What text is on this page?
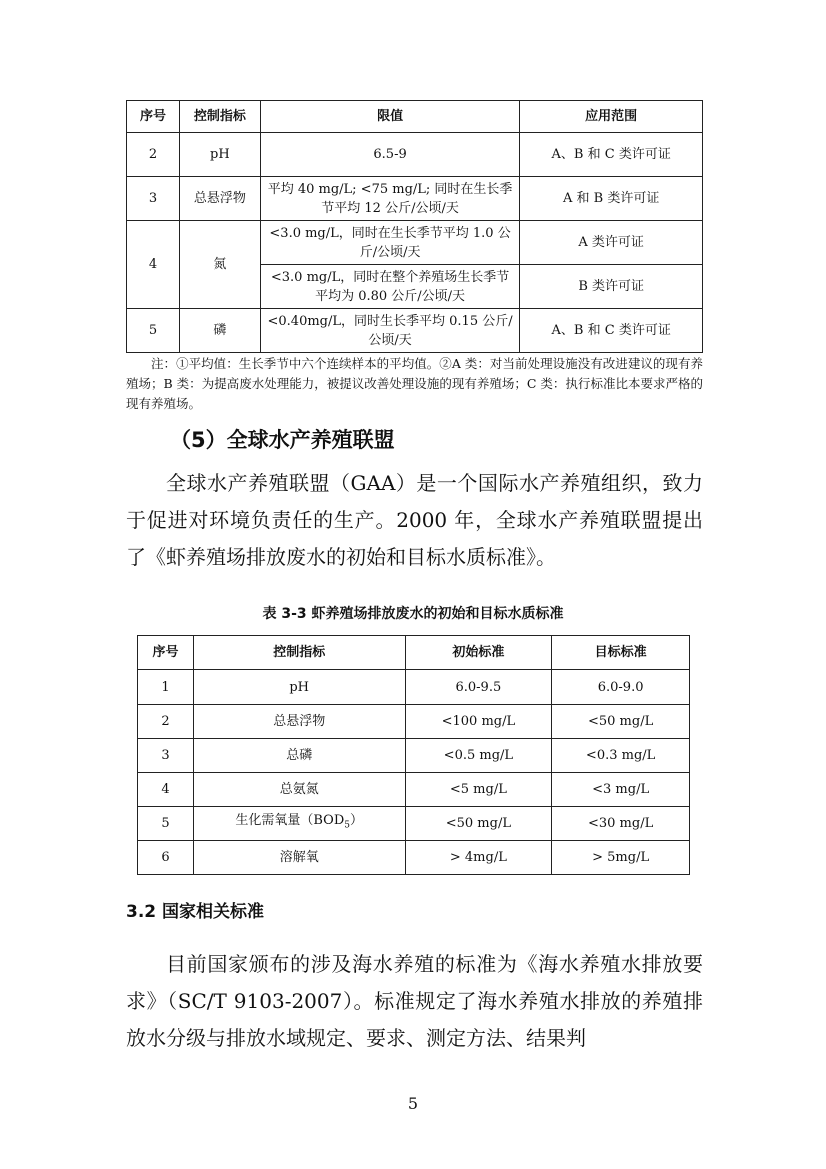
序号	控制指标	限值	应用范围
2	pH	6.5-9	A、B 和 C 类许可证
3	总悬浮物	平均 40 mg/L; <75 mg/L; 同时在生长季节平均 12 公斤/公顷/天	A 和 B 类许可证
4	氮	<3.0 mg/L，同时在生长季节平均 1.0 公斤/公顷/天	A 类许可证
		<3.0 mg/L，同时在整个养殖场生长季节平均为 0.80 公斤/公顷/天	B 类许可证
5	磷	<0.40mg/L，同时生长季平均 0.15 公斤/公顷/天	A、B 和 C 类许可证
注：①平均值：生长季节中六个连续样本的平均值。②A 类：对当前处理设施没有改进建议的现有养殖场；B 类：为提高废水处理能力，被提议改善处理设施的现有养殖场；C 类：执行标准比本要求严格的现有养殖场。
（5）全球水产养殖联盟
全球水产养殖联盟（GAA）是一个国际水产养殖组织，致力于促进对环境负责任的生产。2000 年，全球水产养殖联盟提出了《虾养殖场排放废水的初始和目标水质标准》。
表 3-3 虾养殖场排放废水的初始和目标水质标准
序号	控制指标	初始标准	目标标准
1	pH	6.0-9.5	6.0-9.0
2	总悬浮物	<100 mg/L	<50 mg/L
3	总磷	<0.5 mg/L	<0.3 mg/L
4	总氨氮	<5 mg/L	<3 mg/L
5	生化需氧量$(BOD_5)$	<50 mg/L	<30 mg/L
6	溶解氧	> 4mg/L	> 5mg/L
3.2 国家相关标准
目前国家颁布的涉及海水养殖的标准为《海水养殖水排放要求》（SC/T 9103-2007）。标准规定了海水养殖水排放的养殖排放水分级与排放水域规定、要求、测定方法、结果判
5
